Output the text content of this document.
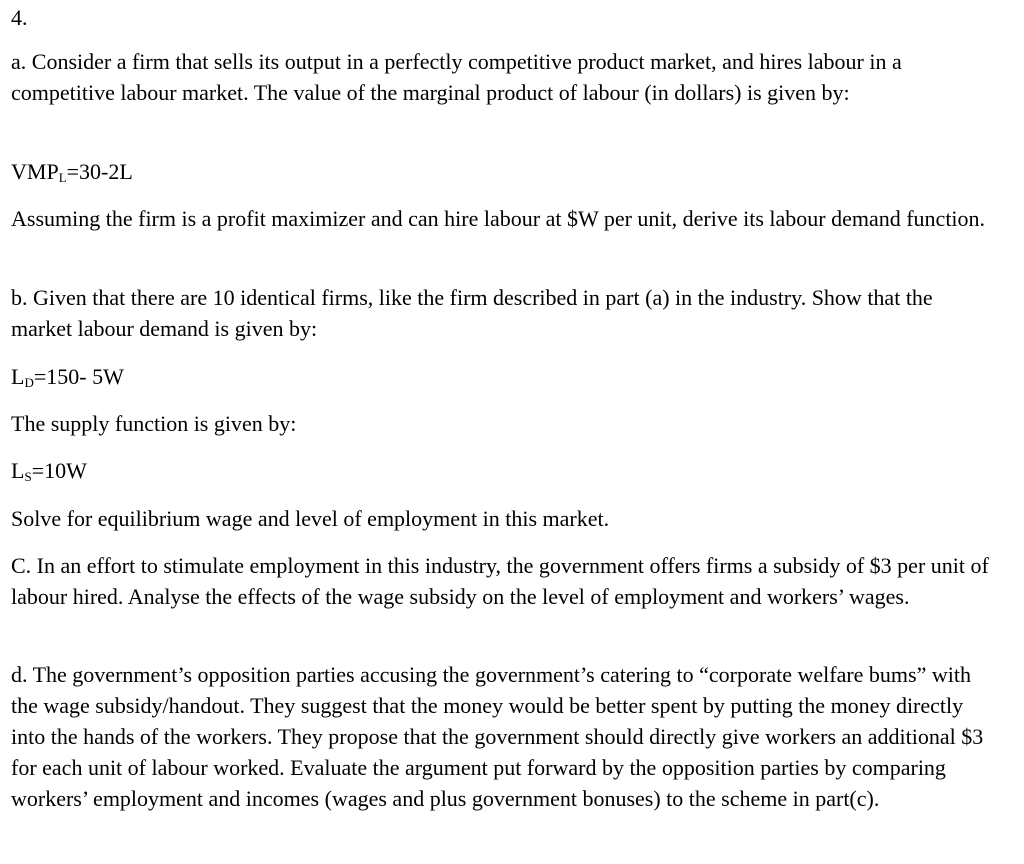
4.

a. Consider a firm that sells its output in a perfectly competitive product market, and hires labour in a competitive labour market. The value of the marginal product of labour (in dollars) is given by:

$VMP_L=30-2L$

Assuming the firm is a profit maximizer and can hire labour at $W per unit, derive its labour demand function.

b. Given that there are 10 identical firms, like the firm described in part (a) in the industry. Show that the market labour demand is given by:

$L_D=150-$ 5W

The supply function is given by:

$L_S=10W$

Solve for equilibrium wage and level of employment in this market.

C. In an effort to stimulate employment in this industry, the government offers firms a subsidy of $3 per unit of labour hired. Analyse the effects of the wage subsidy on the level of employment and workers’ wages.

d. The government’s opposition parties accusing the government’s catering to “corporate welfare bums” with the wage subsidy/handout. They suggest that the money would be better spent by putting the money directly into the hands of the workers. They propose that the government should directly give workers an additional $3 for each unit of labour worked. Evaluate the argument put forward by the opposition parties by comparing workers’ employment and incomes (wages and plus government bonuses) to the scheme in part(c).
